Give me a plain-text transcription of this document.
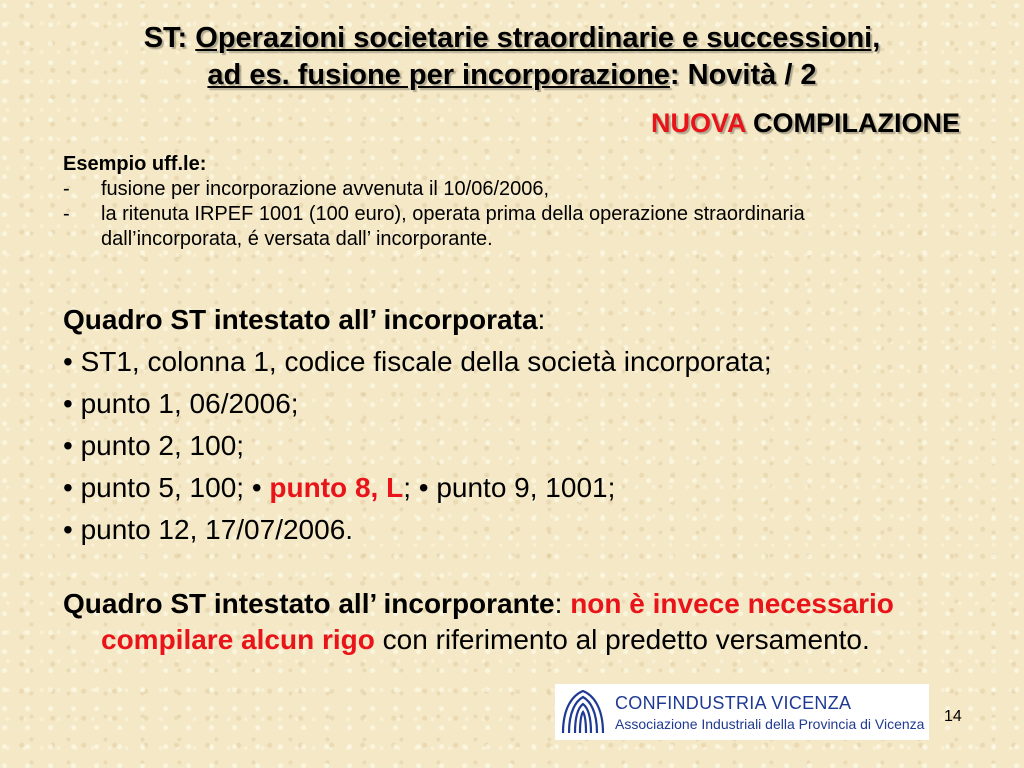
ST: Operazioni societarie straordinarie e successioni,
ad es. fusione per incorporazione: Novità / 2
NUOVA COMPILAZIONE
Esempio uff.le:
- fusione per incorporazione avvenuta il 10/06/2006,
- la ritenuta IRPEF 1001 (100 euro), operata prima della operazione straordinaria dall’incorporata, é versata dall’ incorporante.
Quadro ST intestato all’ incorporata:
• ST1, colonna 1, codice fiscale della società incorporata;
• punto 1, 06/2006;
• punto 2, 100;
• punto 5, 100; • punto 8, L; • punto 9, 1001;
• punto 12, 17/07/2006.
Quadro ST intestato all’ incorporante: non è invece necessario compilare alcun rigo con riferimento al predetto versamento.
CONFINDUSTRIA VICENZA
Associazione Industriali della Provincia di Vicenza 14
